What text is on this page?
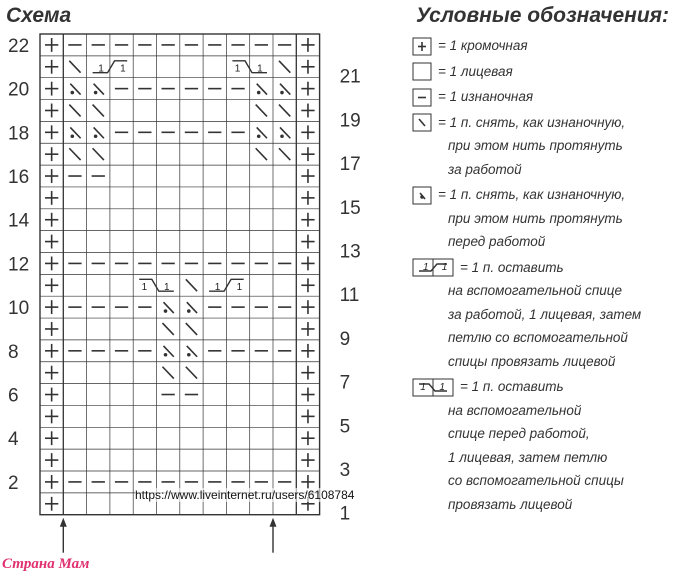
Схема	Условные обозначения:
1 1	1 1
1 1	1 1
22
20
18
16
14
12
10
8
6
4
2
21
19
17
15
13
11
9
7
5
3
1
= 1 кромочная
= 1 лицевая
= 1 изнаночная
= 1 п. снять, как изнаночную,
при этом нить протянуть
за работой
= 1 п. снять, как изнаночную,
при этом нить протянуть
перед работой
1 1 = 1 п. оставить
на вспомогательной спице
за работой, 1 лицевая, затем
петлю со вспомогательной
спицы провязать лицевой
1 1 = 1 п. оставить
на вспомогательной
спице перед работой,
1 лицевая, затем петлю
со вспомогательной спицы
провязать лицевой
https://www.liveinternet.ru/users/6108784
Страна Мам
